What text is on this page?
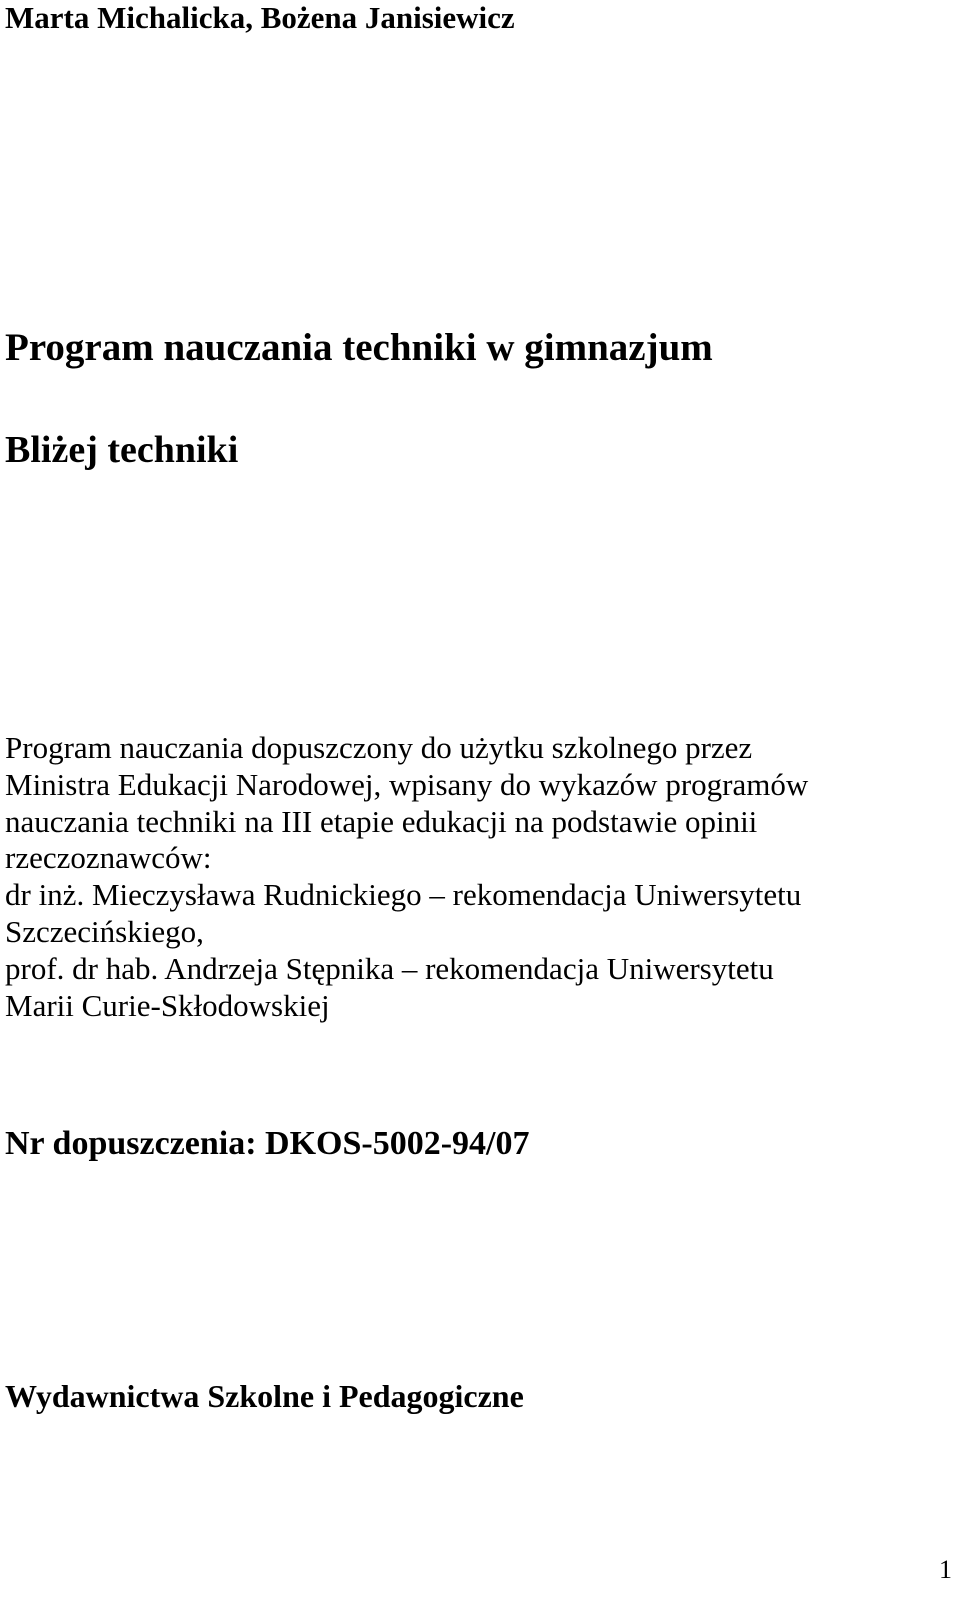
Marta Michalicka, Bożena Janisiewicz
Program nauczania techniki w gimnazjum
Bliżej techniki
Program nauczania dopuszczony do użytku szkolnego przez
Ministra Edukacji Narodowej, wpisany do wykazów programów
nauczania techniki na III etapie edukacji na podstawie opinii
rzeczoznawców:
dr inż. Mieczysława Rudnickiego – rekomendacja Uniwersytetu
Szczecińskiego,
prof. dr hab. Andrzeja Stępnika – rekomendacja Uniwersytetu
Marii Curie-Skłodowskiej
Nr dopuszczenia: DKOS-5002-94/07
Wydawnictwa Szkolne i Pedagogiczne
1
